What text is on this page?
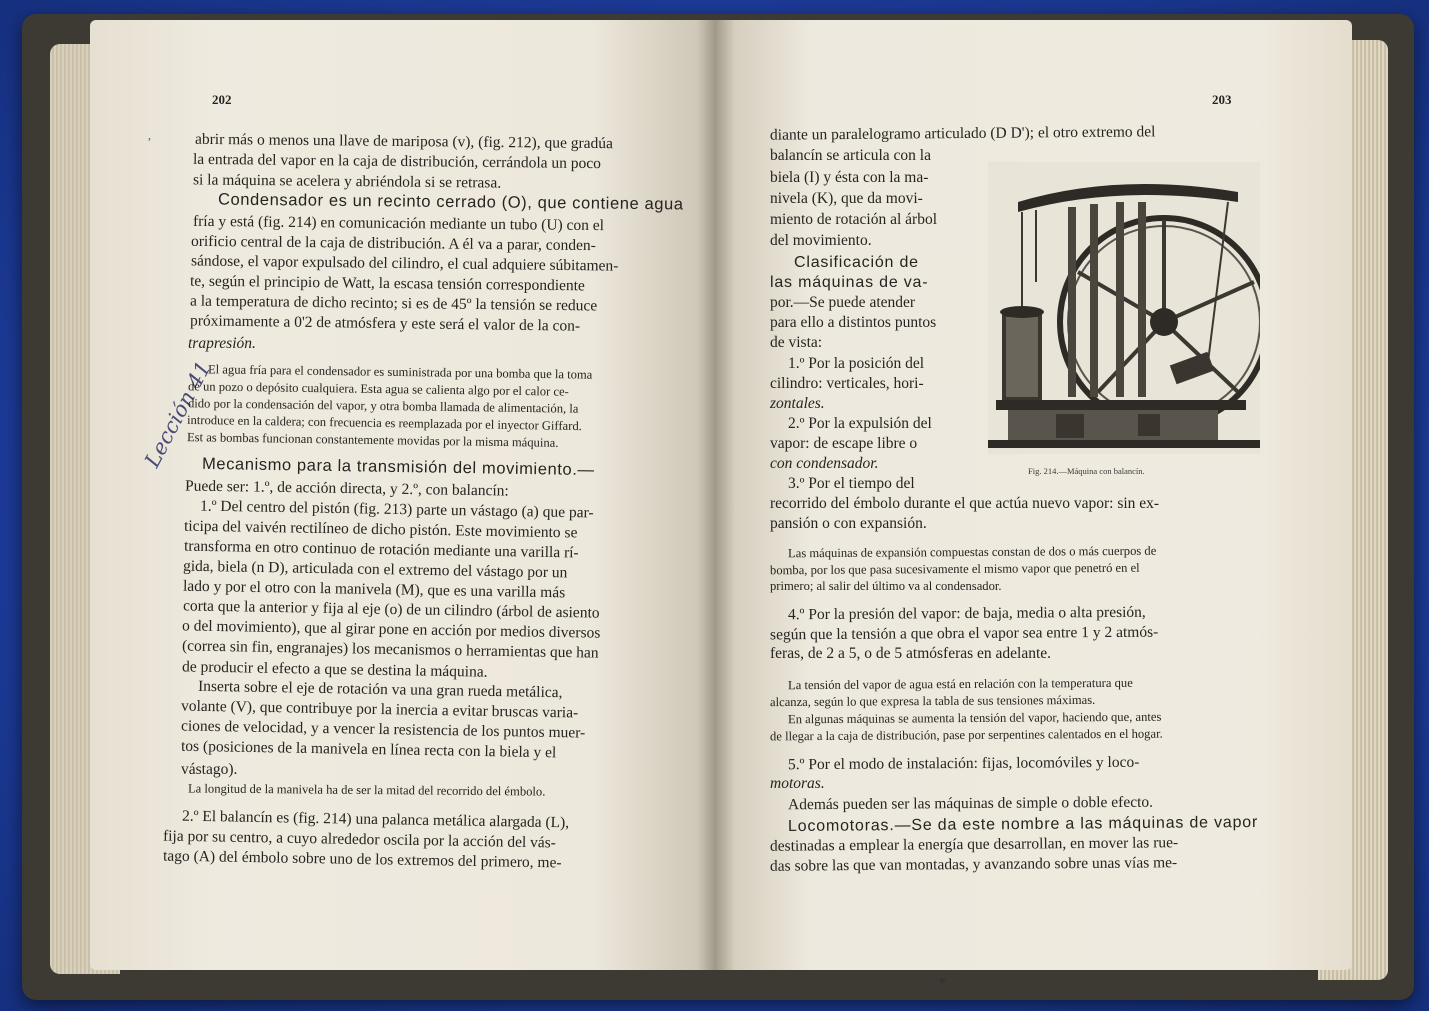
202
,
Lección 41
abrir más o menos una llave de mariposa (v), (fig. 212), que gradúa
la entrada del vapor en la caja de distribución, cerrándola un poco
si la máquina se acelera y abriéndola si se retrasa.
Condensador es un recinto cerrado (O), que contiene agua
fría y está (fig. 214) en comunicación mediante un tubo (U) con el
orificio central de la caja de distribución. A él va a parar, conden-
sándose, el vapor expulsado del cilindro, el cual adquiere súbitamen-
te, según el principio de Watt, la escasa tensión correspondiente
a la temperatura de dicho recinto; si es de 45º la tensión se reduce
próximamente a 0'2 de atmósfera y este será el valor de la con-
trapresión.
El agua fría para el condensador es suministrada por una bomba que la toma
de un pozo o depósito cualquiera. Esta agua se calienta algo por el calor ce-
dido por la condensación del vapor, y otra bomba llamada de alimentación, la
introduce en la caldera; con frecuencia es reemplazada por el inyector Giffard.
Est as bombas funcionan constantemente movidas por la misma máquina.
Mecanismo para la transmisión del movimiento.—
Puede ser: 1.º, de acción directa, y 2.º, con balancín:
1.º Del centro del pistón (fig. 213) parte un vástago (a) que par-
ticipa del vaivén rectilíneo de dicho pistón. Este movimiento se
transforma en otro continuo de rotación mediante una varilla rí-
gida, biela (n D), articulada con el extremo del vástago por un
lado y por el otro con la manivela (M), que es una varilla más
corta que la anterior y fija al eje (o) de un cilindro (árbol de asiento
o del movimiento), que al girar pone en acción por medios diversos
(correa sin fin, engranajes) los mecanismos o herramientas que han
de producir el efecto a que se destina la máquina.
Inserta sobre el eje de rotación va una gran rueda metálica,
volante (V), que contribuye por la inercia a evitar bruscas varia-
ciones de velocidad, y a vencer la resistencia de los puntos muer-
tos (posiciones de la manivela en línea recta con la biela y el
vástago).
La longitud de la manivela ha de ser la mitad del recorrido del émbolo.
2.º El balancín es (fig. 214) una palanca metálica alargada (L),
fija por su centro, a cuyo alrededor oscila por la acción del vás-
tago (A) del émbolo sobre uno de los extremos del primero, me-
203
diante un paralelogramo articulado (D D'); el otro extremo del
balancín se articula con la
biela (I) y ésta con la ma-
nivela (K), que da movi-
miento de rotación al árbol
del movimiento.
Clasificación de
las máquinas de va-
por.—Se puede atender
para ello a distintos puntos
de vista:
1.º Por la posición del
cilindro: verticales, hori-
zontales.
2.º Por la expulsión del
vapor: de escape libre o
con condensador.
3.º Por el tiempo del
recorrido del émbolo durante el que actúa nuevo vapor: sin ex-
pansión o con expansión.
Las máquinas de expansión compuestas constan de dos o más cuerpos de
bomba, por los que pasa sucesivamente el mismo vapor que penetró en el
primero; al salir del último va al condensador.
4.º Por la presión del vapor: de baja, media o alta presión,
según que la tensión a que obra el vapor sea entre 1 y 2 atmós-
feras, de 2 a 5, o de 5 atmósferas en adelante.
La tensión del vapor de agua está en relación con la temperatura que
alcanza, según lo que expresa la tabla de sus tensiones máximas.
En algunas máquinas se aumenta la tensión del vapor, haciendo que, antes
de llegar a la caja de distribución, pase por serpentines calentados en el hogar.
5.º Por el modo de instalación: fijas, locomóviles y loco-
motoras.
Además pueden ser las máquinas de simple o doble efecto.
Locomotoras.—Se da este nombre a las máquinas de vapor
destinadas a emplear la energía que desarrollan, en mover las rue-
das sobre las que van montadas, y avanzando sobre unas vías me-
Fig. 214.—Máquina con balancín.
